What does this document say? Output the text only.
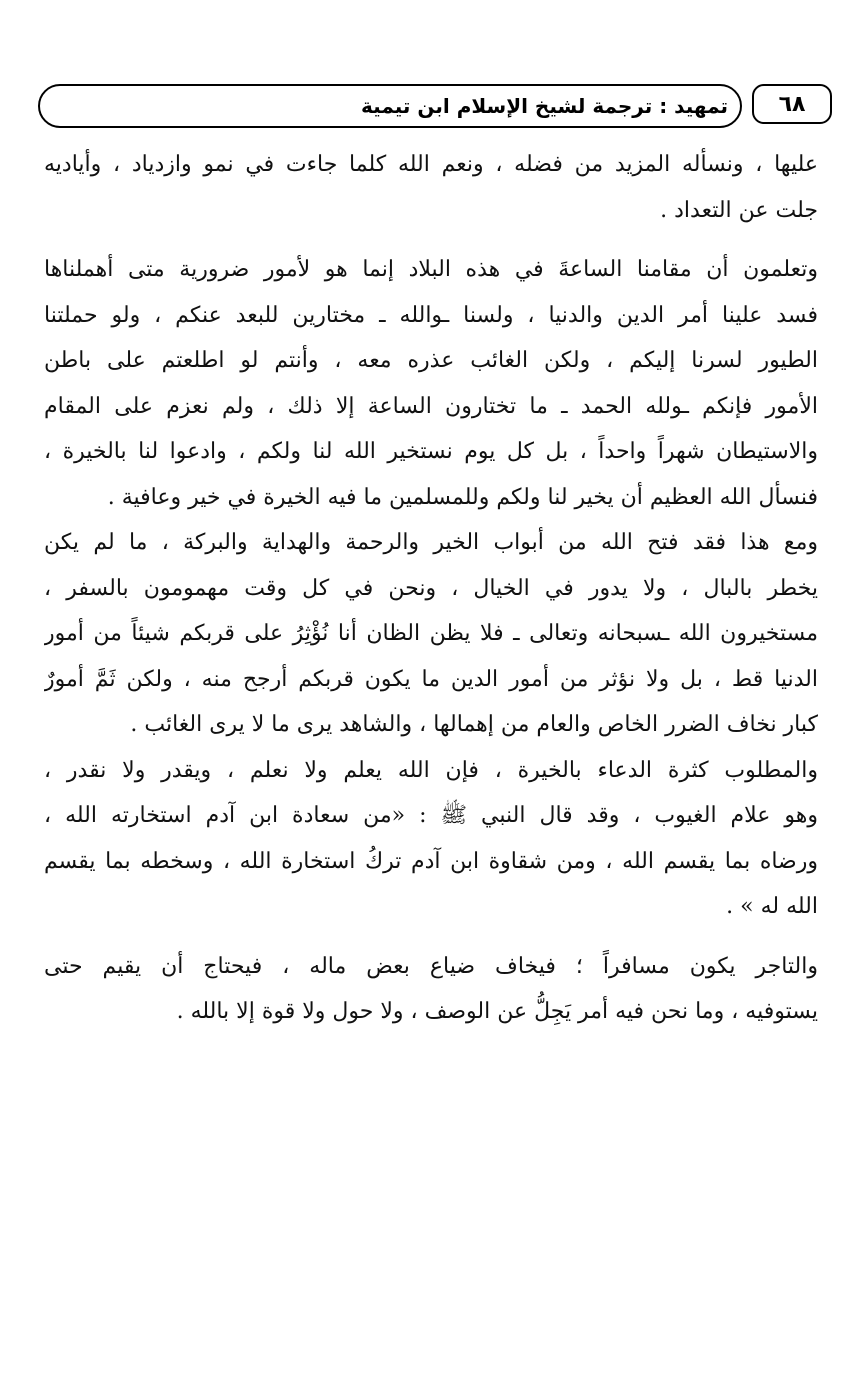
٦٨
تمهيد : ترجمة لشيخ الإسلام ابن تيمية
عليها ، ونسأله المزيد من فضله ، ونعم الله كلما جاءت في نمو وازدياد ، وأياديه
جلت عن التعداد .
وتعلمون أن مقامنا الساعةَ في هذه البلاد إنما هو لأمور ضرورية متى أهملناها
فسد علينا أمر الدين والدنيا ، ولسنا ـوالله ـ مختارين للبعد عنكم ، ولو حملتنا
الطيور لسرنا إليكم ، ولكن الغائب عذره معه ، وأنتم لو اطلعتم على باطن
الأمور فإنكم ـولله الحمد ـ ما تختارون الساعة إلا ذلك ، ولم نعزم على المقام
والاستيطان شهراً واحداً ، بل كل يوم نستخير الله لنا ولكم ، وادعوا لنا بالخيرة ،
فنسأل الله العظيم أن يخير لنا ولكم وللمسلمين ما فيه الخيرة في خير وعافية .
ومع هذا فقد فتح الله من أبواب الخير والرحمة والهداية والبركة ، ما لم يكن
يخطر بالبال ، ولا يدور في الخيال ، ونحن في كل وقت مهمومون بالسفر ،
مستخيرون الله ـسبحانه وتعالى ـ فلا يظن الظان أنا نُؤْثِرُ على قربكم شيئاً من أمور
الدنيا قط ، بل ولا نؤثر من أمور الدين ما يكون قربكم أرجح منه ، ولكن ثَمَّ أمورٌ
كبار نخاف الضرر الخاص والعام من إهمالها ، والشاهد يرى ما لا يرى الغائب .
والمطلوب كثرة الدعاء بالخيرة ، فإن الله يعلم ولا نعلم ، ويقدر ولا نقدر ،
وهو علام الغيوب ، وقد قال النبي ﷺ : «من سعادة ابن آدم استخارته الله ،
ورضاه بما يقسم الله ، ومن شقاوة ابن آدم تركُ استخارة الله ، وسخطه بما يقسم
الله له » .
والتاجر يكون مسافراً ؛ فيخاف ضياع بعض ماله ، فيحتاج أن يقيم حتى
يستوفيه ، وما نحن فيه أمر يَجِلُّ عن الوصف ، ولا حول ولا قوة إلا بالله .
